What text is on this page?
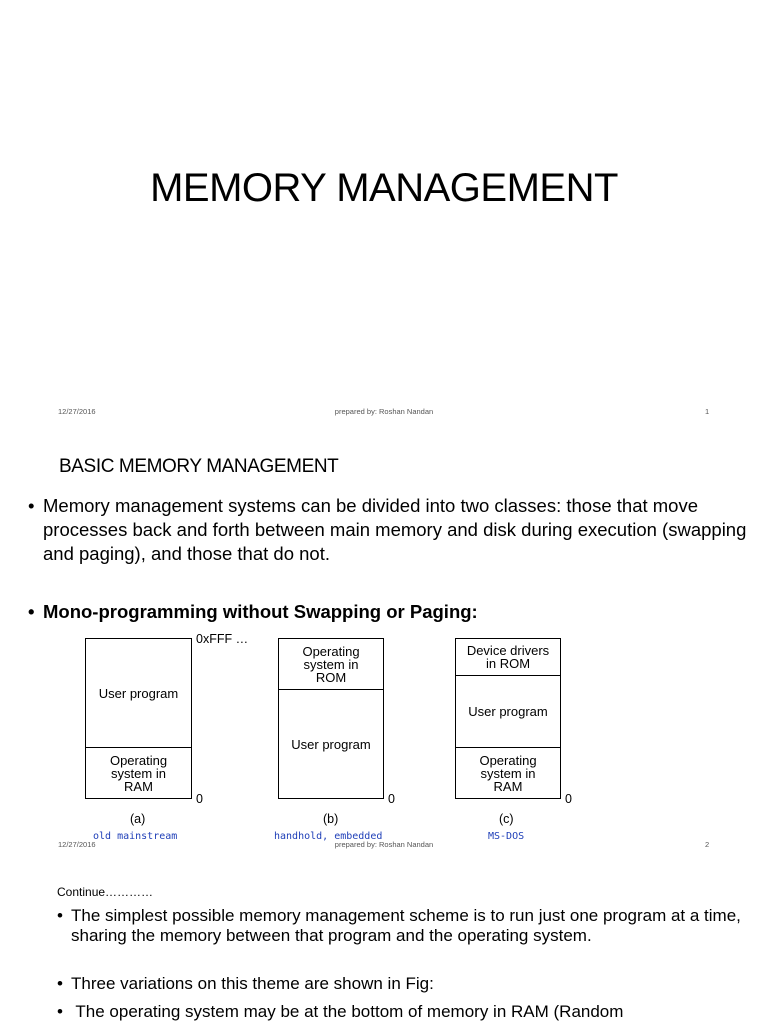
MEMORY MANAGEMENT
12/27/2016	prepared by: Roshan Nandan	1
BASIC MEMORY MANAGEMENT
• Memory management systems can be divided into two classes: those that move processes back and forth between main memory and disk during execution (swapping and paging), and those that do not.
• Mono-programming without Swapping or Paging:
User program
Operating system in RAM
0xFFF …
0
(a)
old mainstream
Operating system in ROM
User program
0
(b)
handhold, embedded
Device drivers in ROM
User program
Operating system in RAM
0
(c)
MS-DOS
12/27/2016	prepared by: Roshan Nandan	2
Continue…………
• The simplest possible memory management scheme is to run just one program at a time, sharing the memory between that program and the operating system.
• Three variations on this theme are shown in Fig:
• The operating system may be at the bottom of memory in RAM (Random
